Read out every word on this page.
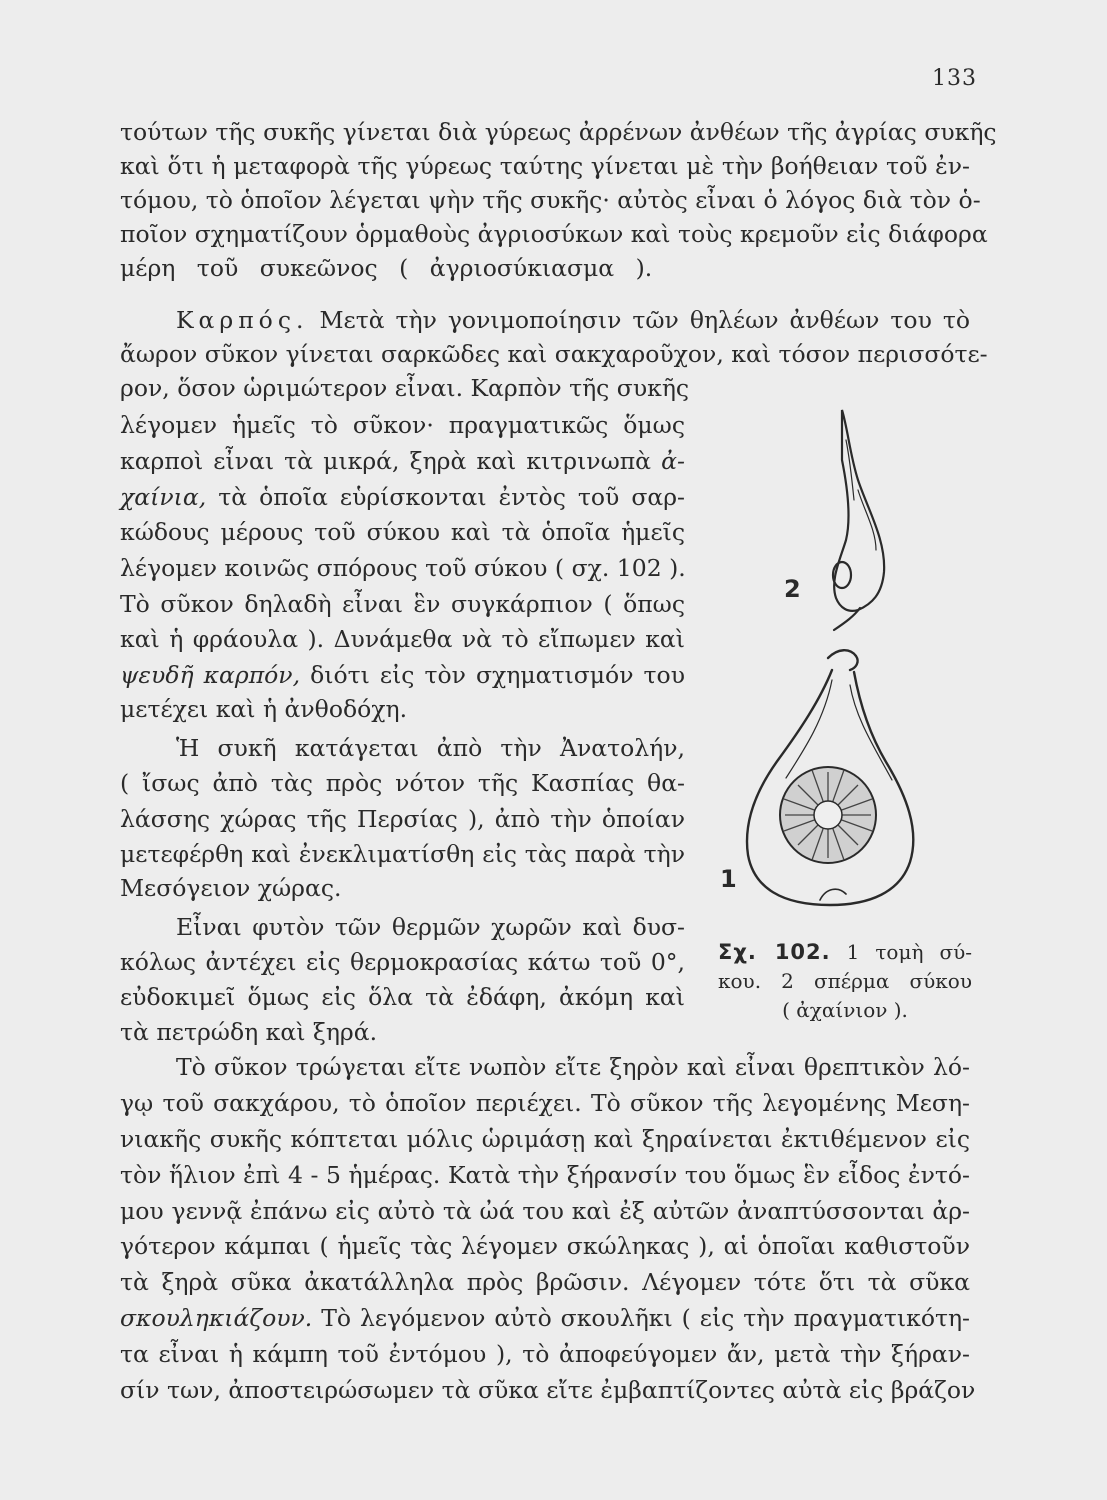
133
τούτων τῆς συκῆς γίνεται διὰ γύρεως ἀρρένων ἀνθέων τῆς ἀγρίας συκῆς
καὶ ὅτι ἡ μεταφορὰ τῆς γύρεως ταύτης γίνεται μὲ τὴν βοήθειαν τοῦ ἐν-
τόμου, τὸ ὁποῖον λέγεται ψὴν τῆς συκῆς· αὐτὸς εἶναι ὁ λόγος διὰ τὸν ὁ-
ποῖον σχηματίζουν ὁρμαθοὺς ἀγριοσύκων καὶ τοὺς κρεμοῦν εἰς διάφορα
μέρη τοῦ συκεῶνος ( ἀγριοσύκιασμα ).
Καρπός. Μετὰ τὴν γονιμοποίησιν τῶν θηλέων ἀνθέων του τὸ
ἄωρον σῦκον γίνεται σαρκῶδες καὶ σακχαροῦχον, καὶ τόσον περισσότε-
ρον, ὅσον ὡριμώτερον εἶναι. Καρπὸν τῆς συκῆς
λέγομεν ἡμεῖς τὸ σῦκον· πραγματικῶς ὅμως
καρποὶ εἶναι τὰ μικρά, ξηρὰ καὶ κιτρινωπὰ ἀ-
χαίνια, τὰ ὁποῖα εὑρίσκονται ἐντὸς τοῦ σαρ-
κώδους μέρους τοῦ σύκου καὶ τὰ ὁποῖα ἡμεῖς
λέγομεν κοινῶς σπόρους τοῦ σύκου ( σχ. 102 ).
Τὸ σῦκον δηλαδὴ εἶναι ἓν συγκάρπιον ( ὅπως
καὶ ἡ φράουλα ). Δυνάμεθα νὰ τὸ εἴπωμεν καὶ
ψευδῆ καρπόν, διότι εἰς τὸν σχηματισμόν του
μετέχει καὶ ἡ ἀνθοδόχη.
Ἡ συκῆ κατάγεται ἀπὸ τὴν Ἀνατολήν,
( ἴσως ἀπὸ τὰς πρὸς νότον τῆς Κασπίας θα-
λάσσης χώρας τῆς Περσίας ), ἀπὸ τὴν ὁποίαν
μετεφέρθη καὶ ἐνεκλιματίσθη εἰς τὰς παρὰ τὴν
Μεσόγειον χώρας.
Εἶναι φυτὸν τῶν θερμῶν χωρῶν καὶ δυσ-
κόλως ἀντέχει εἰς θερμοκρασίας κάτω τοῦ 0°,
εὐδοκιμεῖ ὅμως εἰς ὅλα τὰ ἐδάφη, ἀκόμη καὶ
τὰ πετρώδη καὶ ξηρά.
Τὸ σῦκον τρώγεται εἴτε νωπὸν εἴτε ξηρὸν καὶ εἶναι θρεπτικὸν λό-
γῳ τοῦ σακχάρου, τὸ ὁποῖον περιέχει. Τὸ σῦκον τῆς λεγομένης Μεση-
νιακῆς συκῆς κόπτεται μόλις ὡριμάσῃ καὶ ξηραίνεται ἐκτιθέμενον εἰς
τὸν ἥλιον ἐπὶ 4 - 5 ἡμέρας. Κατὰ τὴν ξήρανσίν του ὅμως ἓν εἶδος ἐντό-
μου γεννᾷ ἐπάνω εἰς αὐτὸ τὰ ὠά του καὶ ἐξ αὐτῶν ἀναπτύσσονται ἀρ-
γότερον κάμπαι ( ἡμεῖς τὰς λέγομεν σκώληκας ), αἱ ὁποῖαι καθιστοῦν
τὰ ξηρὰ σῦκα ἀκατάλληλα πρὸς βρῶσιν. Λέγομεν τότε ὅτι τὰ σῦκα
σκουληκιάζουν. Τὸ λεγόμενον αὐτὸ σκουλῆκι ( εἰς τὴν πραγματικότη-
τα εἶναι ἡ κάμπη τοῦ ἐντόμου ), τὸ ἀποφεύγομεν ἄν, μετὰ τὴν ξήραν-
σίν των, ἀποστειρώσωμεν τὰ σῦκα εἴτε ἐμβαπτίζοντες αὐτὰ εἰς βράζον
2
1
Σχ. 102. 1 τομὴ σύ-
κου. 2 σπέρμα σύκου
( ἀχαίνιον ).
